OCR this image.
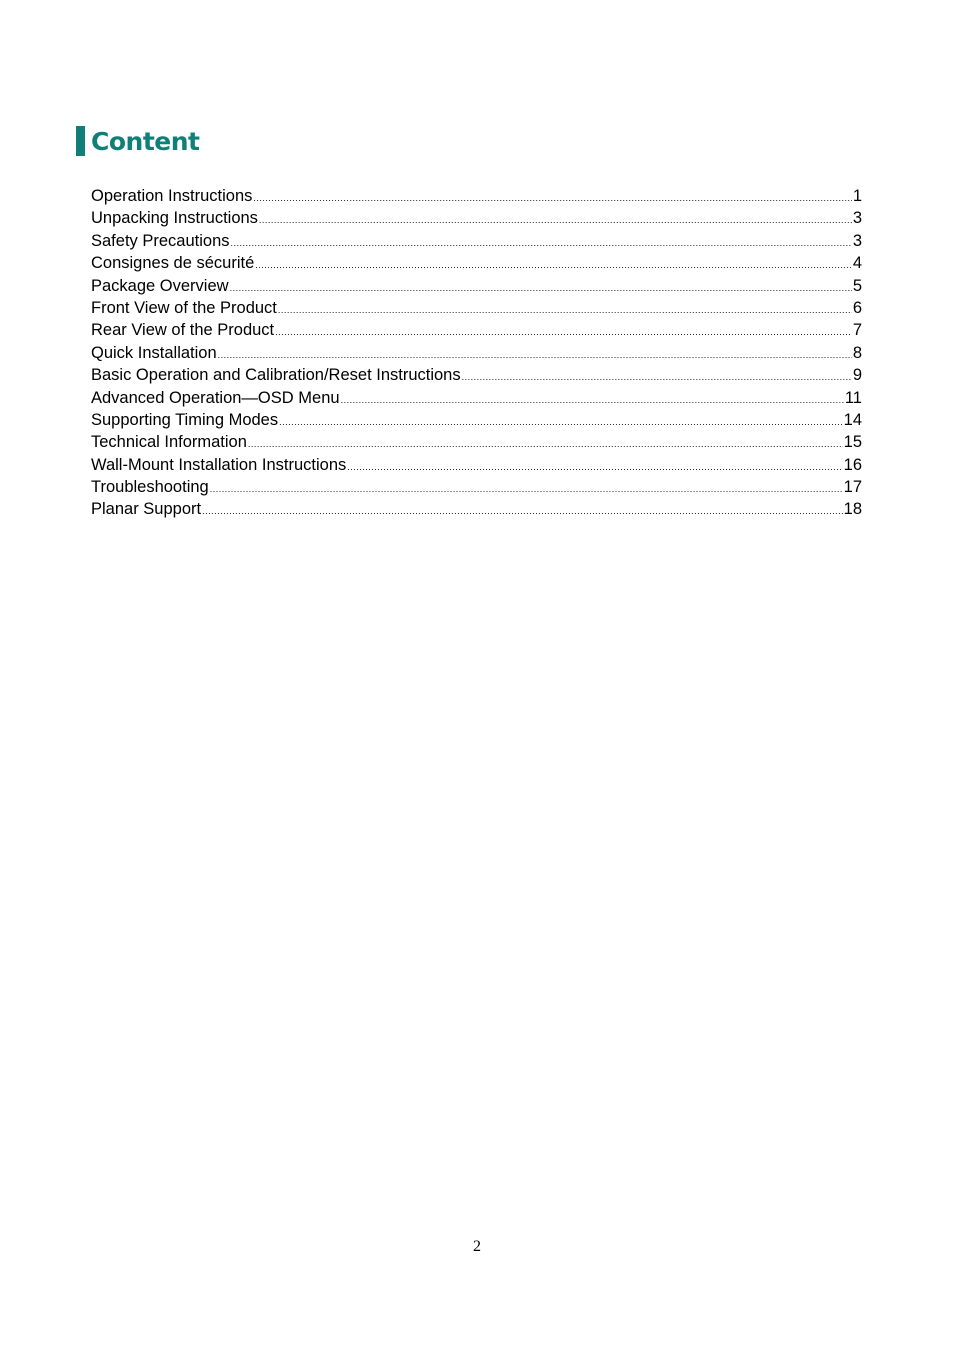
Content
Operation Instructions .....	1
Unpacking Instructions .....	3
Safety Precautions .....	3
Consignes de sécurité .....	4
Package Overview .....	5
Front View of the Product .....	6
Rear View of the Product .....	7
Quick Installation .....	8
Basic Operation and Calibration/Reset Instructions .....	9
Advanced Operation—OSD Menu .....	11
Supporting Timing Modes .....	14
Technical Information .....	15
Wall-Mount Installation Instructions .....	16
Troubleshooting .....	17
Planar Support .....	18
2
